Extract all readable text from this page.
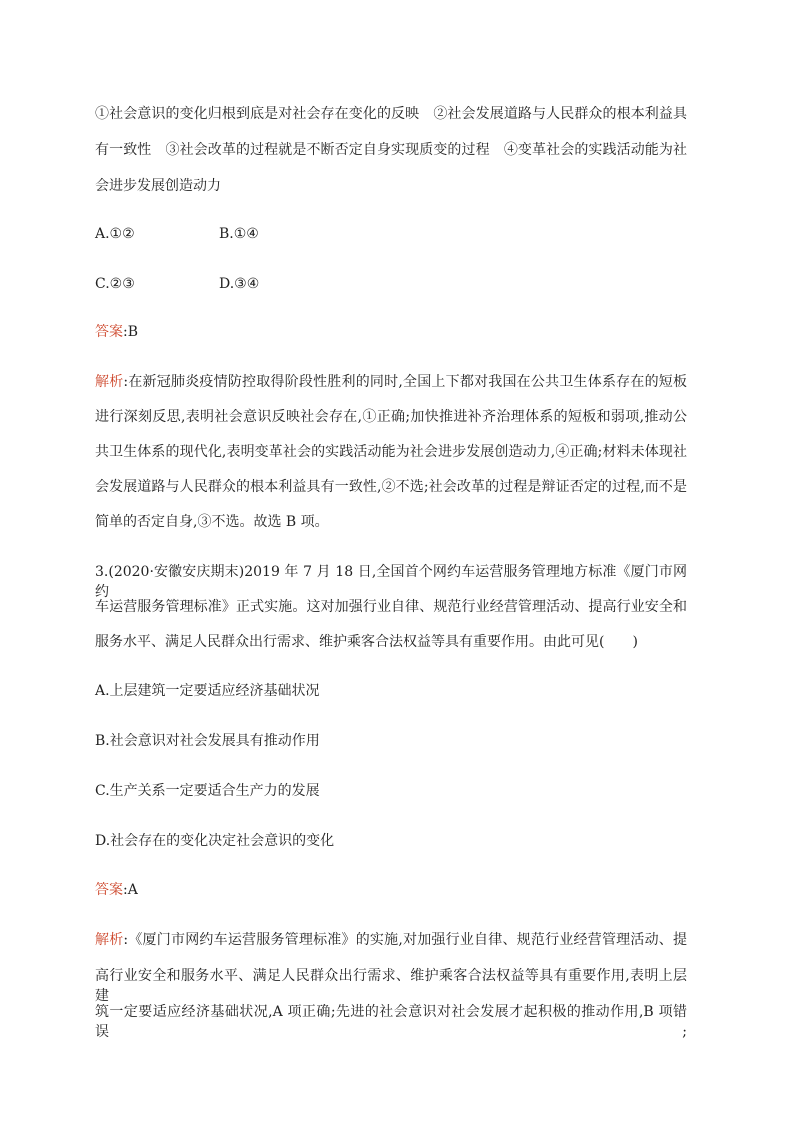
①社会意识的变化归根到底是对社会存在变化的反映　②社会发展道路与人民群众的根本利益具
有一致性　③社会改革的过程就是不断否定自身实现质变的过程　④变革社会的实践活动能为社
会进步发展创造动力
A.①②	B.①④
C.②③	D.③④
答案:B
解析:在新冠肺炎疫情防控取得阶段性胜利的同时,全国上下都对我国在公共卫生体系存在的短板
进行深刻反思,表明社会意识反映社会存在,①正确;加快推进补齐治理体系的短板和弱项,推动公
共卫生体系的现代化,表明变革社会的实践活动能为社会进步发展创造动力,④正确;材料未体现社
会发展道路与人民群众的根本利益具有一致性,②不选;社会改革的过程是辩证否定的过程,而不是
简单的否定自身,③不选。故选 B 项。
3.(2020·安徽安庆期末)2019 年 7 月 18 日,全国首个网约车运营服务管理地方标准《厦门市网约
车运营服务管理标准》正式实施。这对加强行业自律、规范行业经营管理活动、提高行业安全和
服务水平、满足人民群众出行需求、维护乘客合法权益等具有重要作用。由此可见(　　)
A.上层建筑一定要适应经济基础状况
B.社会意识对社会发展具有推动作用
C.生产关系一定要适合生产力的发展
D.社会存在的变化决定社会意识的变化
答案:A
解析:《厦门市网约车运营服务管理标准》的实施,对加强行业自律、规范行业经营管理活动、提
高行业安全和服务水平、满足人民群众出行需求、维护乘客合法权益等具有重要作用,表明上层建
筑一定要适应经济基础状况,A 项正确;先进的社会意识对社会发展才起积极的推动作用,B 项错误;
